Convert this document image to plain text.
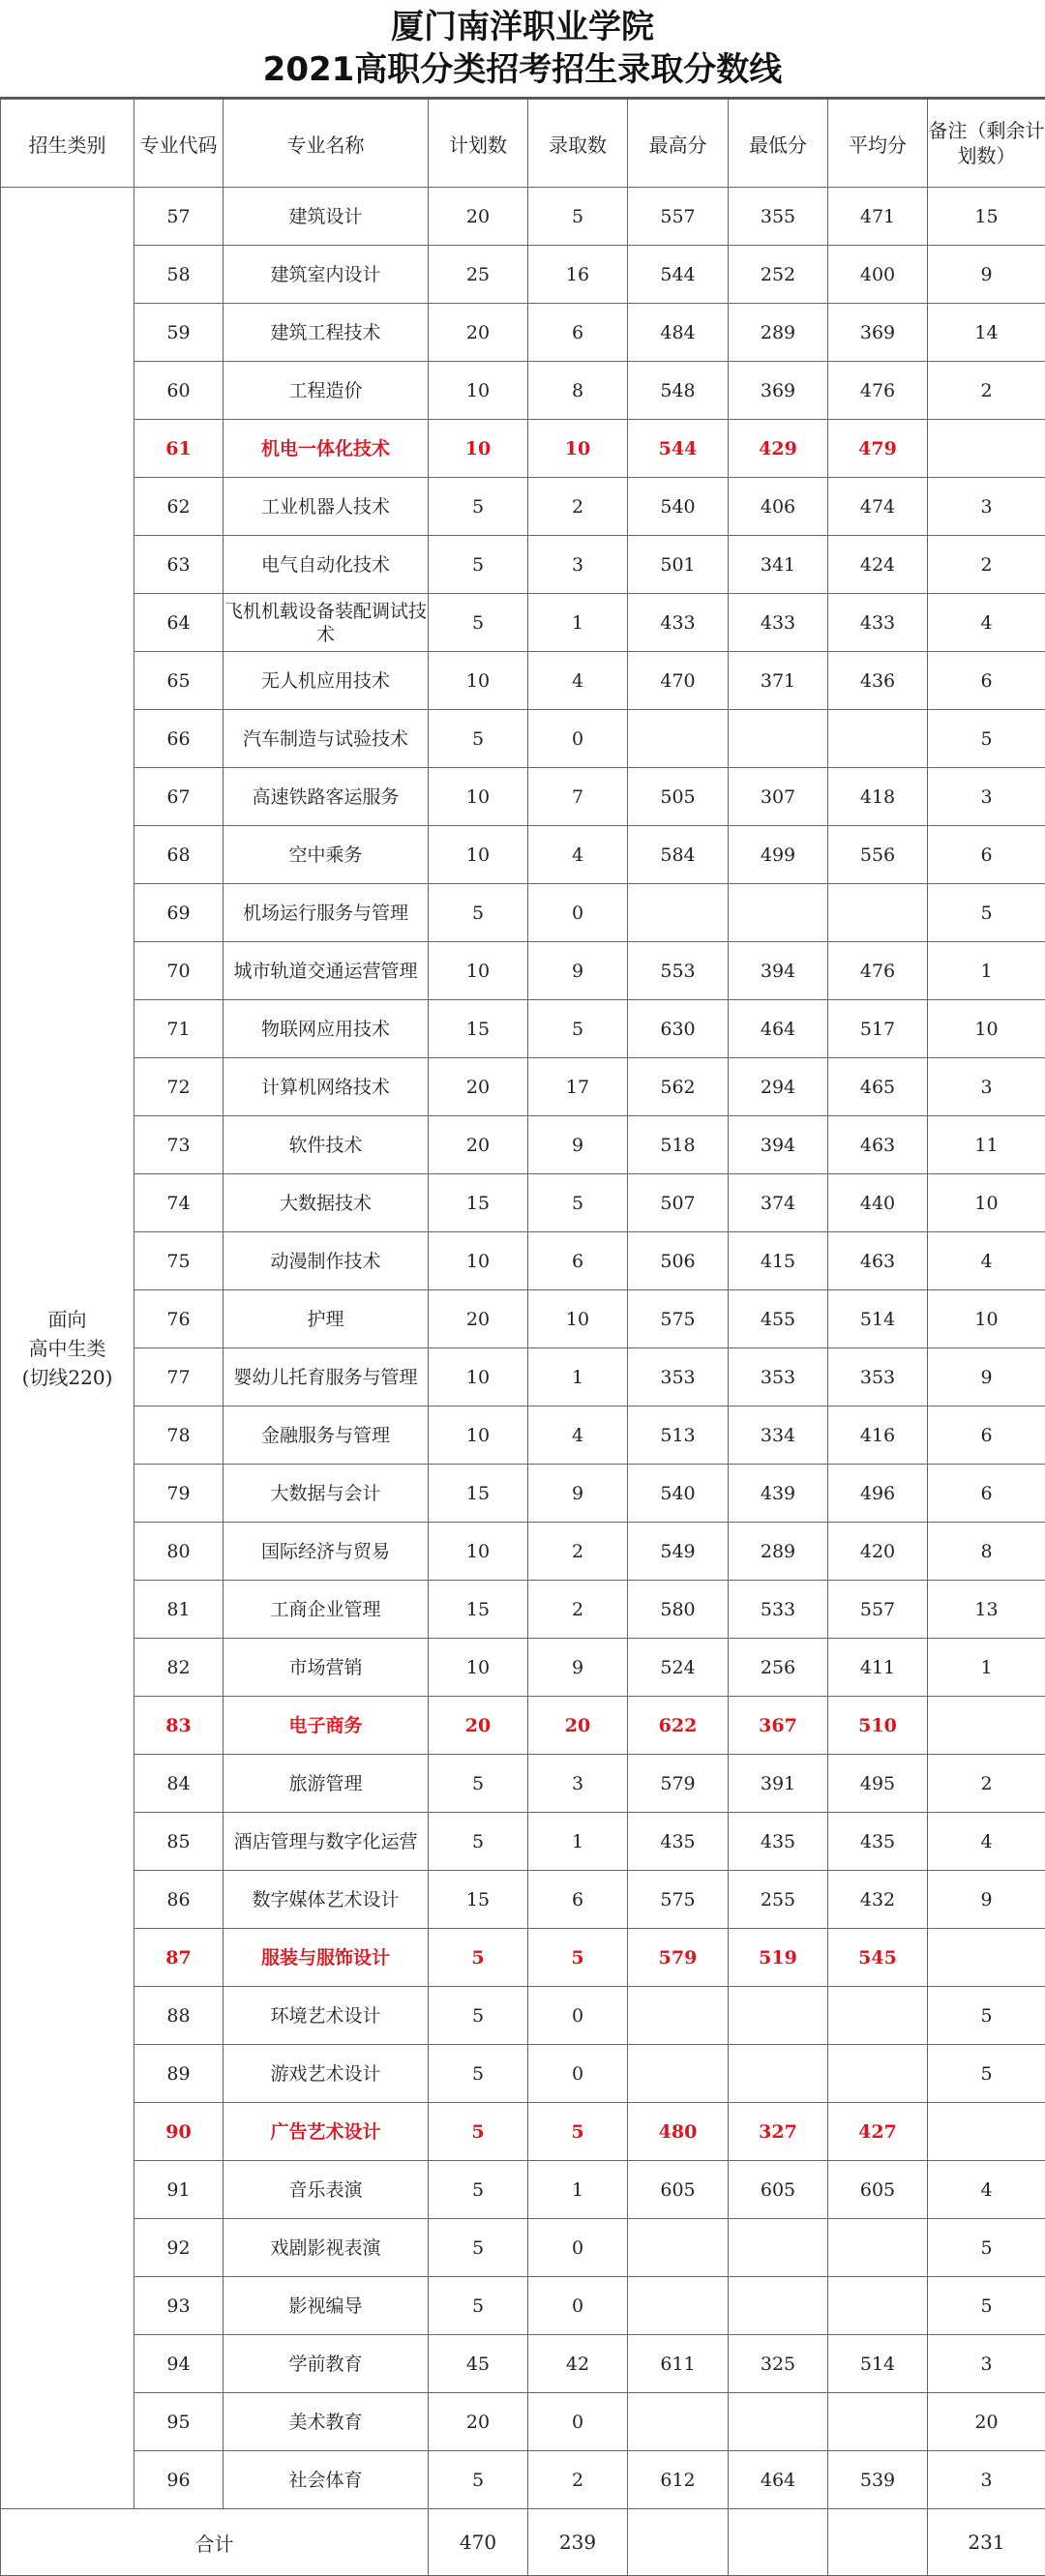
厦门南洋职业学院
2021高职分类招考招生录取分数线
招生类别	专业代码	专业名称	计划数	录取数	最高分	最低分	平均分	备注（剩余计划数）

面向
高中生类
(切线220)	57	建筑设计	20	5	557	355	471	15
	58	建筑室内设计	25	16	544	252	400	9
	59	建筑工程技术	20	6	484	289	369	14
	60	工程造价	10	8	548	369	476	2
	61	机电一体化技术	10	10	544	429	479	
	62	工业机器人技术	5	2	540	406	474	3
	63	电气自动化技术	5	3	501	341	424	2
	64	飞机机载设备装配调试技术	5	1	433	433	433	4
	65	无人机应用技术	10	4	470	371	436	6
	66	汽车制造与试验技术	5	0				5
	67	高速铁路客运服务	10	7	505	307	418	3
	68	空中乘务	10	4	584	499	556	6
	69	机场运行服务与管理	5	0				5
	70	城市轨道交通运营管理	10	9	553	394	476	1
	71	物联网应用技术	15	5	630	464	517	10
	72	计算机网络技术	20	17	562	294	465	3
	73	软件技术	20	9	518	394	463	11
	74	大数据技术	15	5	507	374	440	10
	75	动漫制作技术	10	6	506	415	463	4
	76	护理	20	10	575	455	514	10
	77	婴幼儿托育服务与管理	10	1	353	353	353	9
	78	金融服务与管理	10	4	513	334	416	6
	79	大数据与会计	15	9	540	439	496	6
	80	国际经济与贸易	10	2	549	289	420	8
	81	工商企业管理	15	2	580	533	557	13
	82	市场营销	10	9	524	256	411	1
	83	电子商务	20	20	622	367	510	
	84	旅游管理	5	3	579	391	495	2
	85	酒店管理与数字化运营	5	1	435	435	435	4
	86	数字媒体艺术设计	15	6	575	255	432	9
	87	服装与服饰设计	5	5	579	519	545	
	88	环境艺术设计	5	0				5
	89	游戏艺术设计	5	0				5
	90	广告艺术设计	5	5	480	327	427	
	91	音乐表演	5	1	605	605	605	4
	92	戏剧影视表演	5	0				5
	93	影视编导	5	0				5
	94	学前教育	45	42	611	325	514	3
	95	美术教育	20	0				20
	96	社会体育	5	2	612	464	539	3
合计			470	239				231
